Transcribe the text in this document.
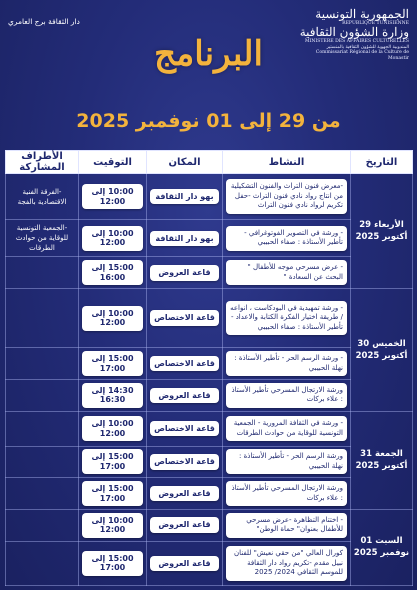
الجمهورية التونسية
REPUBLIQUE TUNISIENNE
وزارة الشؤون الثقافية
MINISTERE DES AFFAIRES CULTURELLES
المندوبية الجهوية للشؤون الثقافية بالمنستير
Commissariat Régional de la Culture de Monastir
دار الثقافة برج العامري
البرنامج
من 29 إلى 01 نوفمبر 2025
التاريخ	النشاط	المكان	التوقيت	الأطراف المشاركة

الأربعاء 29 أكتوبر 2025	-معرض فنون التراث والفنون التشكيلية من انتاج رواد نادي فنون التراث -حفل تكريم لرواد نادي فنون التراث	بهو دار الثقافة	10:00 إلى 12:00	-الفرقة الفنية الاقتصادية بالفجة

	- ورشة في التصوير الفوتوغرافي - تأطير الأستاذة : صفاء الحبيبي	بهو دار الثقافة	10:00 إلى 12:00	-الجمعية التونسية للوقاية من حوادث الطرقات

	- عرض مسرحي موجه للأطفال " البحث عن السعادة "	قاعة العروض	15:00 إلى 16:00	

الخميس 30 أكتوبر 2025	- ورشة تمهيدية في البودكاست ، انواعه / طريقة اختيار الفكرة الكتابة والاعداد - تأطير الأستاذة : صفاء الحبيبي	قاعة الاختصاص	10:00 إلى 12:00	

	- ورشة الرسم الحر - تأطير الأستاذة : نهلة الحبيبي	قاعة الاختصاص	15:00 إلى 17:00	

	ورشة الارتجال المسرحي تأطير الأستاذ : علاء بركات	قاعة العروض	14:30 إلى 16:30	

الجمعة 31 أكتوبر 2025	- ورشة في الثقافة المرورية - الجمعية التونسية للوقاية من حوادث الطرقات	قاعة الاختصاص	10:00 إلى 12:00	

	ورشة الرسم الحر - تأطير الأستاذة : نهلة الحبيبي	قاعة الاختصاص	15:00 إلى 17:00	

	ورشة الارتجال المسرحي تأطير الأستاذ : علاء بركات	قاعة العروض	15:00 إلى 17:00	

السبت 01 نوفمبر 2025	- اختتام التظاهرة -عرض مسرحي للأطفال بعنوان" حماة الوطن"	قاعة العروض	10:00 إلى 12:00	

	كورال العالي "من حقي نعيش" للفنان نبيل مقدم -تكريم رواد دار الثقافة للموسم الثقافي 2024/ 2025	قاعة العروض	15:00 إلى 17:00	
